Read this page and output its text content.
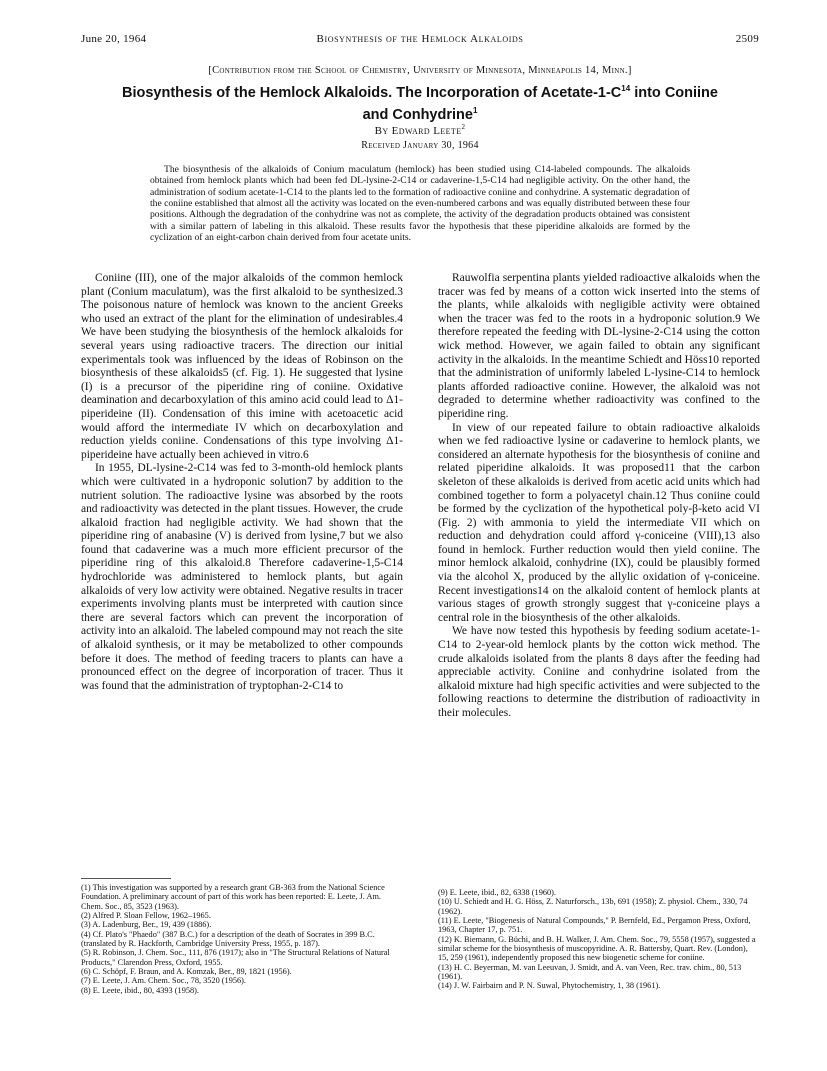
June 20, 1964	Biosynthesis of the Hemlock Alkaloids	2509
[Contribution from the School of Chemistry, University of Minnesota, Minneapolis 14, Minn.]
Biosynthesis of the Hemlock Alkaloids. The Incorporation of Acetate-$1-C^{14}$ into Coniine
and Conhydrine$^1$
By Edward Leete$^2$
Received January 30, 1964

The biosynthesis of the alkaloids of Conium maculatum (hemlock) has been studied using C14-labeled compounds. The alkaloids obtained from hemlock plants which had been fed DL-lysine-2-C14 or cadaverine-1,5-C14 had negligible activity. On the other hand, the administration of sodium acetate-1-C14 to the plants led to the formation of radioactive coniine and conhydrine. A systematic degradation of the coniine established that almost all the activity was located on the even-numbered carbons and was equally distributed between these four positions. Although the degradation of the conhydrine was not as complete, the activity of the degradation products obtained was consistent with a similar pattern of labeling in this alkaloid. These results favor the hypothesis that these piperidine alkaloids are formed by the cyclization of an eight-carbon chain derived from four acetate units.

Coniine (III), one of the major alkaloids of the common hemlock plant (Conium maculatum), was the first alkaloid to be synthesized.3 The poisonous nature of hemlock was known to the ancient Greeks who used an extract of the plant for the elimination of undesirables.4 We have been studying the biosynthesis of the hemlock alkaloids for several years using radioactive tracers. The direction our initial experimentals took was influenced by the ideas of Robinson on the biosynthesis of these alkaloids5 (cf. Fig. 1). He suggested that lysine (I) is a precursor of the piperidine ring of coniine. Oxidative deamination and decarboxylation of this amino acid could lead to Δ1-piperideine (II). Condensation of this imine with acetoacetic acid would afford the intermediate IV which on decarboxylation and reduction yields coniine. Condensations of this type involving Δ1-piperideine have actually been achieved in vitro.6

In 1955, DL-lysine-2-C14 was fed to 3-month-old hemlock plants which were cultivated in a hydroponic solution7 by addition to the nutrient solution. The radioactive lysine was absorbed by the roots and radioactivity was detected in the plant tissues. However, the crude alkaloid fraction had negligible activity. We had shown that the piperidine ring of anabasine (V) is derived from lysine,7 but we also found that cadaverine was a much more efficient precursor of the piperidine ring of this alkaloid.8 Therefore cadaverine-1,5-C14 hydrochloride was administered to hemlock plants, but again alkaloids of very low activity were obtained. Negative results in tracer experiments involving plants must be interpreted with caution since there are several factors which can prevent the incorporation of activity into an alkaloid. The labeled compound may not reach the site of alkaloid synthesis, or it may be metabolized to other compounds before it does. The method of feeding tracers to plants can have a pronounced effect on the degree of incorporation of tracer. Thus it was found that the administration of tryptophan-2-C14 to

Rauwolfia serpentina plants yielded radioactive alkaloids when the tracer was fed by means of a cotton wick inserted into the stems of the plants, while alkaloids with negligible activity were obtained when the tracer was fed to the roots in a hydroponic solution.9 We therefore repeated the feeding with DL-lysine-2-C14 using the cotton wick method. However, we again failed to obtain any significant activity in the alkaloids. In the meantime Schiedt and Höss10 reported that the administration of uniformly labeled L-lysine-C14 to hemlock plants afforded radioactive coniine. However, the alkaloid was not degraded to determine whether radioactivity was confined to the piperidine ring.

In view of our repeated failure to obtain radioactive alkaloids when we fed radioactive lysine or cadaverine to hemlock plants, we considered an alternate hypothesis for the biosynthesis of coniine and related piperidine alkaloids. It was proposed11 that the carbon skeleton of these alkaloids is derived from acetic acid units which had combined together to form a polyacetyl chain.12 Thus coniine could be formed by the cyclization of the hypothetical poly-β-keto acid VI (Fig. 2) with ammonia to yield the intermediate VII which on reduction and dehydration could afford γ-coniceine (VIII),13 also found in hemlock. Further reduction would then yield coniine. The minor hemlock alkaloid, conhydrine (IX), could be plausibly formed via the alcohol X, produced by the allylic oxidation of γ-coniceine. Recent investigations14 on the alkaloid content of hemlock plants at various stages of growth strongly suggest that γ-coniceine plays a central role in the biosynthesis of the other alkaloids.

We have now tested this hypothesis by feeding sodium acetate-1-C14 to 2-year-old hemlock plants by the cotton wick method. The crude alkaloids isolated from the plants 8 days after the feeding had appreciable activity. Coniine and conhydrine isolated from the alkaloid mixture had high specific activities and were subjected to the following reactions to determine the distribution of radioactivity in their molecules.

(1) This investigation was supported by a research grant GB-363 from the National Science Foundation. A preliminary account of part of this work has been reported: E. Leete, J. Am. Chem. Soc., 85, 3523 (1963).
(2) Alfred P. Sloan Fellow, 1962–1965.
(3) A. Ladenburg, Ber., 19, 439 (1886).
(4) Cf. Plato's "Phaedo" (387 B.C.) for a description of the death of Socrates in 399 B.C. (translated by R. Hackforth, Cambridge University Press, 1955, p. 187).
(5) R. Robinson, J. Chem. Soc., 111, 876 (1917); also in "The Structural Relations of Natural Products," Clarendon Press, Oxford, 1955.
(6) C. Schöpf, F. Braun, and A. Komzak, Ber., 89, 1821 (1956).
(7) E. Leete, J. Am. Chem. Soc., 78, 3520 (1956).
(8) E. Leete, ibid., 80, 4393 (1958).
(9) E. Leete, ibid., 82, 6338 (1960).
(10) U. Schiedt and H. G. Höss, Z. Naturforsch., 13b, 691 (1958); Z. physiol. Chem., 330, 74 (1962).
(11) E. Leete, "Biogenesis of Natural Compounds," P. Bernfeld, Ed., Pergamon Press, Oxford, 1963, Chapter 17, p. 751.
(12) K. Biemann, G. Büchi, and B. H. Walker, J. Am. Chem. Soc., 79, 5558 (1957), suggested a similar scheme for the biosynthesis of muscopyridine. A. R. Battersby, Quart. Rev. (London), 15, 259 (1961), independently proposed this new biogenetic scheme for coniine.
(13) H. C. Beyerman, M. van Leeuvan, J. Smidt, and A. van Veen, Rec. trav. chim., 80, 513 (1961).
(14) J. W. Fairbairn and P. N. Suwal, Phytochemistry, 1, 38 (1961).
